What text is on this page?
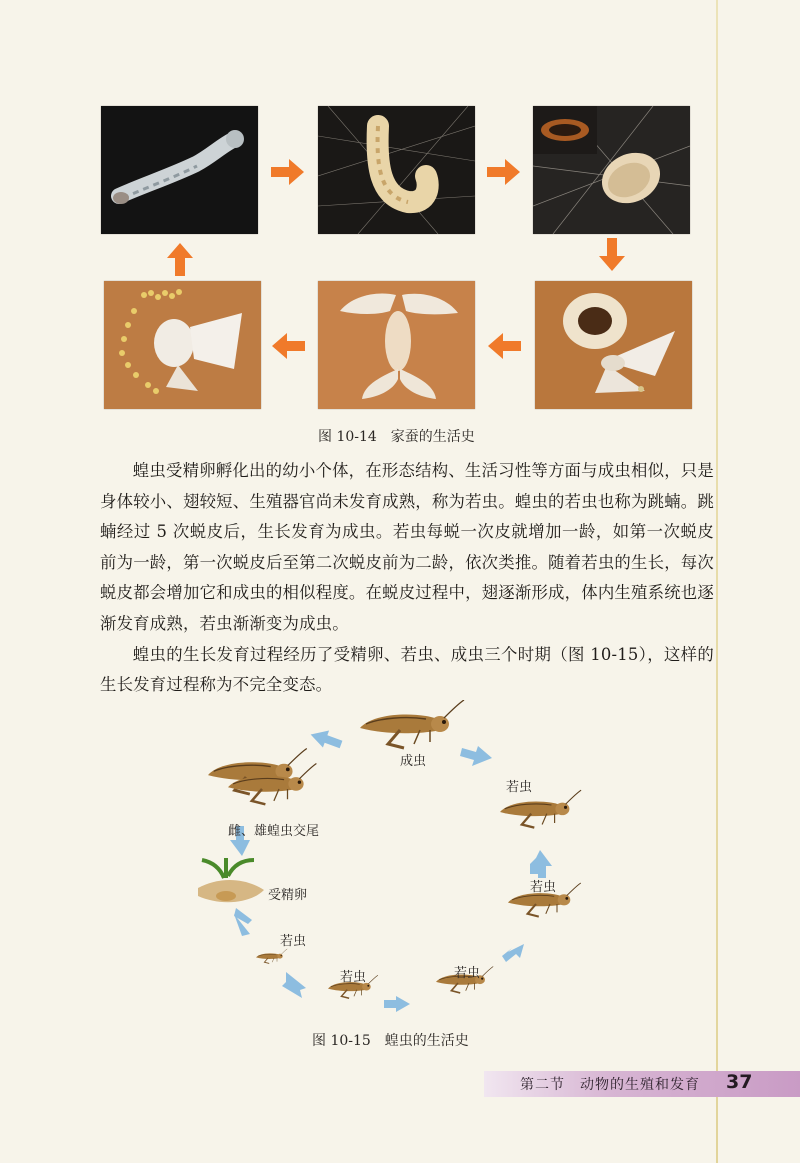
图 10-14　家蚕的生活史

蝗虫受精卵孵化出的幼小个体，在形态结构、生活习性等方面与成虫相似，只是身体较小、翅较短、生殖器官尚未发育成熟，称为若虫。蝗虫的若虫也称为跳蝻。跳蝻经过 5 次蜕皮后，生长发育为成虫。若虫每蜕一次皮就增加一龄，如第一次蜕皮前为一龄，第一次蜕皮后至第二次蜕皮前为二龄，依次类推。随着若虫的生长，每次蜕皮都会增加它和成虫的相似程度。在蜕皮过程中，翅逐渐形成，体内生殖系统也逐渐发育成熟，若虫渐渐变为成虫。

蝗虫的生长发育过程经历了受精卵、若虫、成虫三个时期（图 10-15），这样的生长发育过程称为不完全变态。

成虫
雌、雄蝗虫交尾
受精卵
若虫
若虫	若虫
若虫
若虫
图 10-15　蝗虫的生活史
第二节　动物的生殖和发育 37
